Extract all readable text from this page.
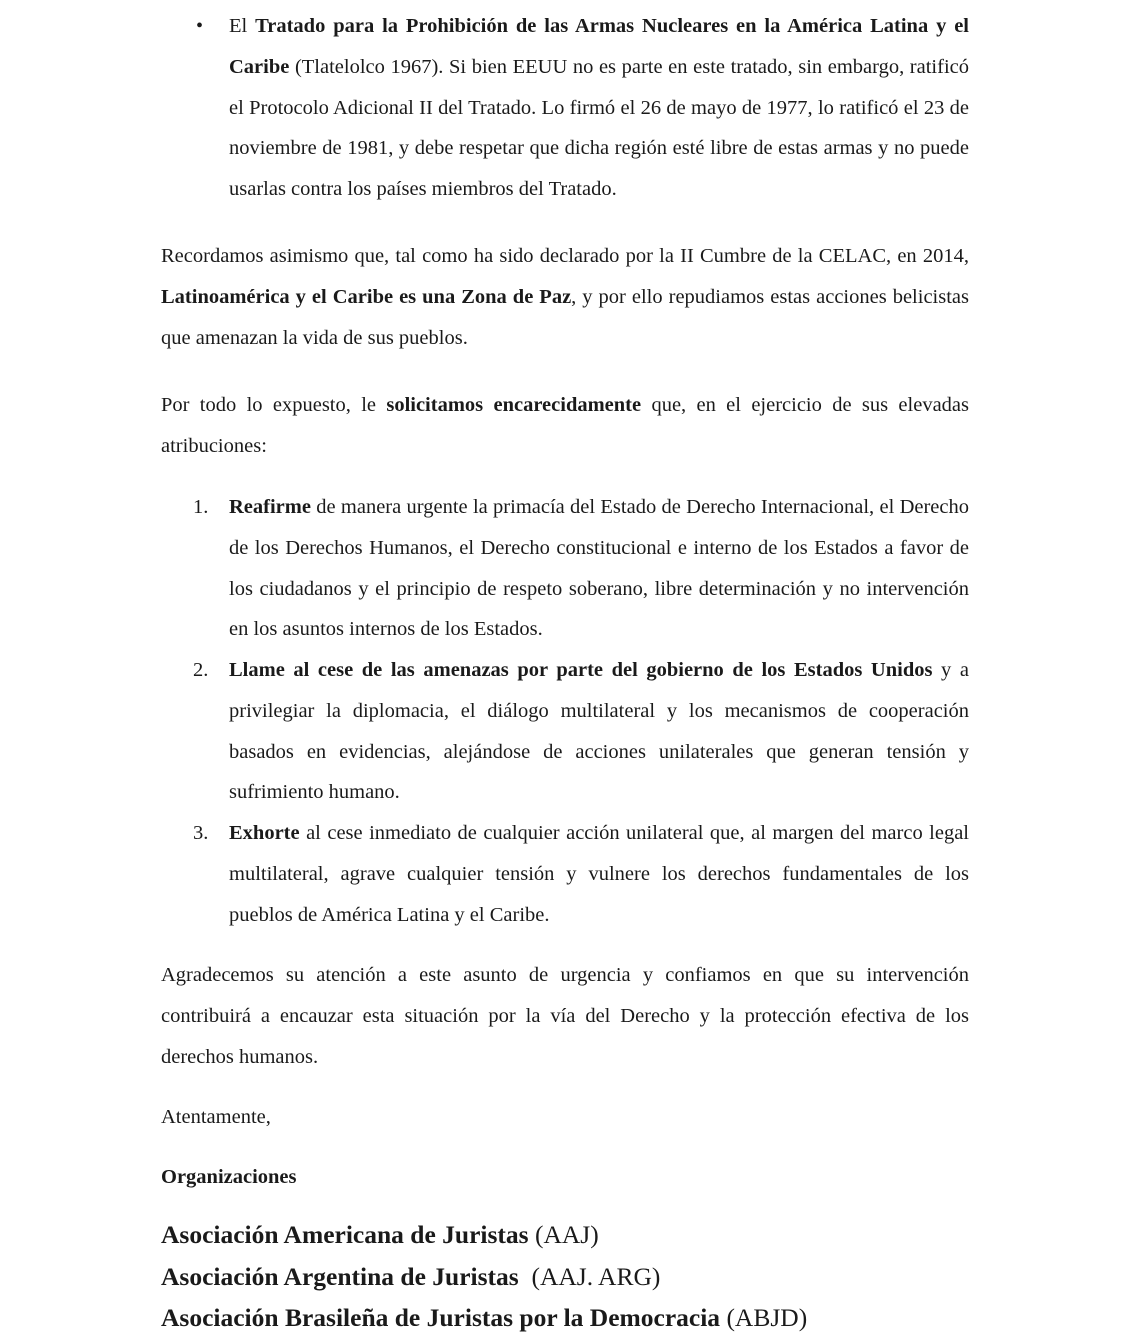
• El Tratado para la Prohibición de las Armas Nucleares en la América Latina y el Caribe (Tlatelolco 1967). Si bien EEUU no es parte en este tratado, sin embargo, ratificó el Protocolo Adicional II del Tratado. Lo firmó el 26 de mayo de 1977, lo ratificó el 23 de noviembre de 1981, y debe respetar que dicha región esté libre de estas armas y no puede usarlas contra los países miembros del Tratado.

Recordamos asimismo que, tal como ha sido declarado por la II Cumbre de la CELAC, en 2014, Latinoamérica y el Caribe es una Zona de Paz, y por ello repudiamos estas acciones belicistas que amenazan la vida de sus pueblos.

Por todo lo expuesto, le solicitamos encarecidamente que, en el ejercicio de sus elevadas atribuciones:

1. Reafirme de manera urgente la primacía del Estado de Derecho Internacional, el Derecho de los Derechos Humanos, el Derecho constitucional e interno de los Estados a favor de los ciudadanos y el principio de respeto soberano, libre determinación y no intervención en los asuntos internos de los Estados.

2. Llame al cese de las amenazas por parte del gobierno de los Estados Unidos y a privilegiar la diplomacia, el diálogo multilateral y los mecanismos de cooperación basados en evidencias, alejándose de acciones unilaterales que generan tensión y sufrimiento humano.

3. Exhorte al cese inmediato de cualquier acción unilateral que, al margen del marco legal multilateral, agrave cualquier tensión y vulnere los derechos fundamentales de los pueblos de América Latina y el Caribe.

Agradecemos su atención a este asunto de urgencia y confiamos en que su intervención contribuirá a encauzar esta situación por la vía del Derecho y la protección efectiva de los derechos humanos.

Atentamente,

Organizaciones

Asociación Americana de Juristas (AAJ)
Asociación Argentina de Juristas  (AAJ. ARG)
Asociación Brasileña de Juristas por la Democracia (ABJD)
